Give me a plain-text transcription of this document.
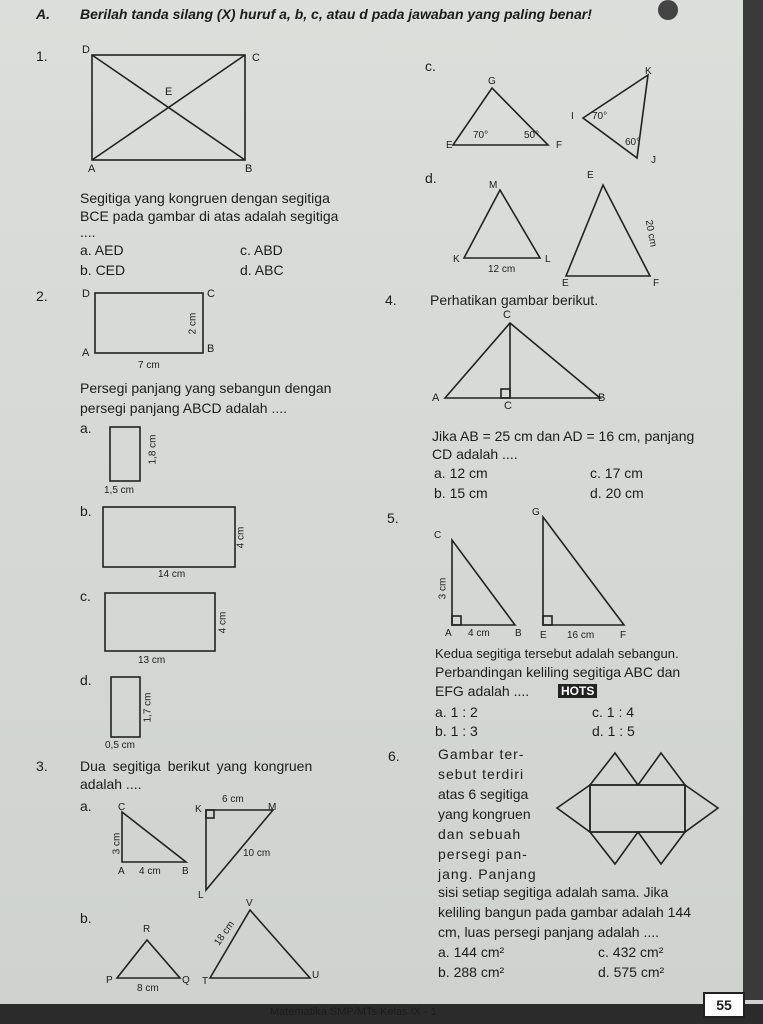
A. Berilah tanda silang (X) huruf a, b, c, atau d pada jawaban yang paling benar!
1.	D
C
E
A	B
Segitiga yang kongruen dengan segitiga
BCE pada gambar di atas adalah segitiga
....
a. AED	c. ABD
b. CED	d. ABC
c.
G
K
I 70°
70°	50°
60°
E	F
J
d.	M
E
K	L
12 cm
20 cm
E	F
2.	D	C
A	B
7 cm
2 cm
Persegi panjang yang sebangun dengan
persegi panjang ABCD adalah ....
a.
1,8 cm
1,5 cm
b.
4 cm
14 cm
c.
4 cm
13 cm
d.
1,7 cm
0,5 cm
3. Dua segitiga berikut yang kongruen
adalah ....
a.	C
3 cm
A 4 cm B
K
6 cm
M
10 cm
L
b.
R
P	Q
8 cm
18 cm
V
T
U
4. Perhatikan gambar berikut.
C
A
C
B
Jika AB = 25 cm dan AD = 16 cm, panjang
CD adalah ....
a. 12 cm	c. 17 cm
b. 15 cm	d. 20 cm
5.
C
G
3 cm
A 4 cm	B E 16 cm	F
Kedua segitiga tersebut adalah sebangun.
Perbandingan keliling segitiga ABC dan
EFG adalah ....	HOTS
a. 1 : 2	c. 1 : 4
b. 1 : 3	d. 1 : 5
6.	Gambar ter-
sebut terdiri
atas 6 segitiga
yang kongruen
dan sebuah
persegi pan-
jang. Panjang
sisi setiap segitiga adalah sama. Jika
keliling bangun pada gambar adalah 144
cm, luas persegi panjang adalah ....
a. 144 cm²	c. 432 cm²
b. 288 cm²	d. 575 cm²
Matematika SMP/MTs Kelas IX - 1	55
